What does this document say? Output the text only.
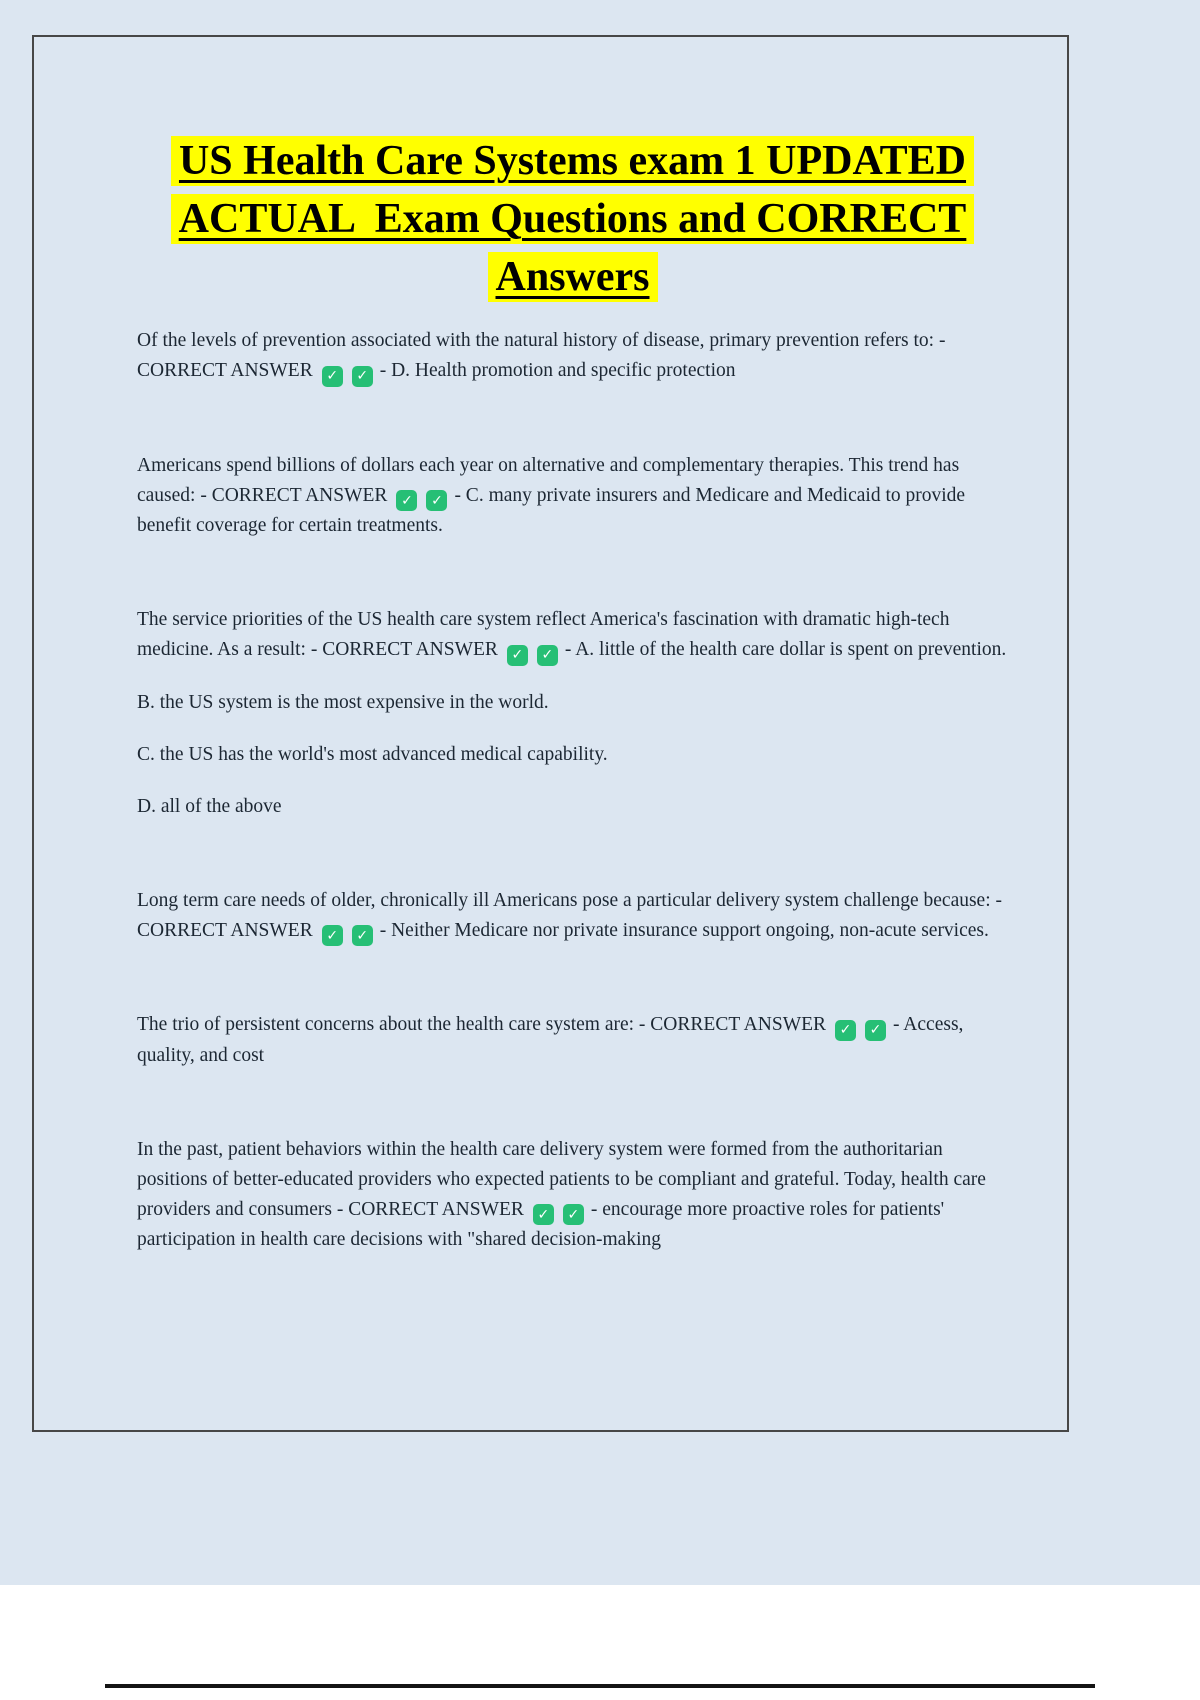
US Health Care Systems exam 1 UPDATED
ACTUAL  Exam Questions and CORRECT
Answers

Of the levels of prevention associated with the natural history of disease, primary prevention refers to: - CORRECT ANSWER ✓ ✓ - D. Health promotion and specific protection

Americans spend billions of dollars each year on alternative and complementary therapies. This trend has caused: - CORRECT ANSWER ✓ ✓ - C. many private insurers and Medicare and Medicaid to provide benefit coverage for certain treatments.

The service priorities of the US health care system reflect America's fascination with dramatic high-tech medicine. As a result: - CORRECT ANSWER ✓ ✓ - A. little of the health care dollar is spent on prevention.

B. the US system is the most expensive in the world.

C. the US has the world's most advanced medical capability.

D. all of the above

Long term care needs of older, chronically ill Americans pose a particular delivery system challenge because: - CORRECT ANSWER ✓ ✓ - Neither Medicare nor private insurance support ongoing, non-acute services.

The trio of persistent concerns about the health care system are: - CORRECT ANSWER ✓ ✓ - Access, quality, and cost

In the past, patient behaviors within the health care delivery system were formed from the authoritarian positions of better-educated providers who expected patients to be compliant and grateful. Today, health care providers and consumers - CORRECT ANSWER ✓ ✓ - encourage more proactive roles for patients' participation in health care decisions with "shared decision-making
